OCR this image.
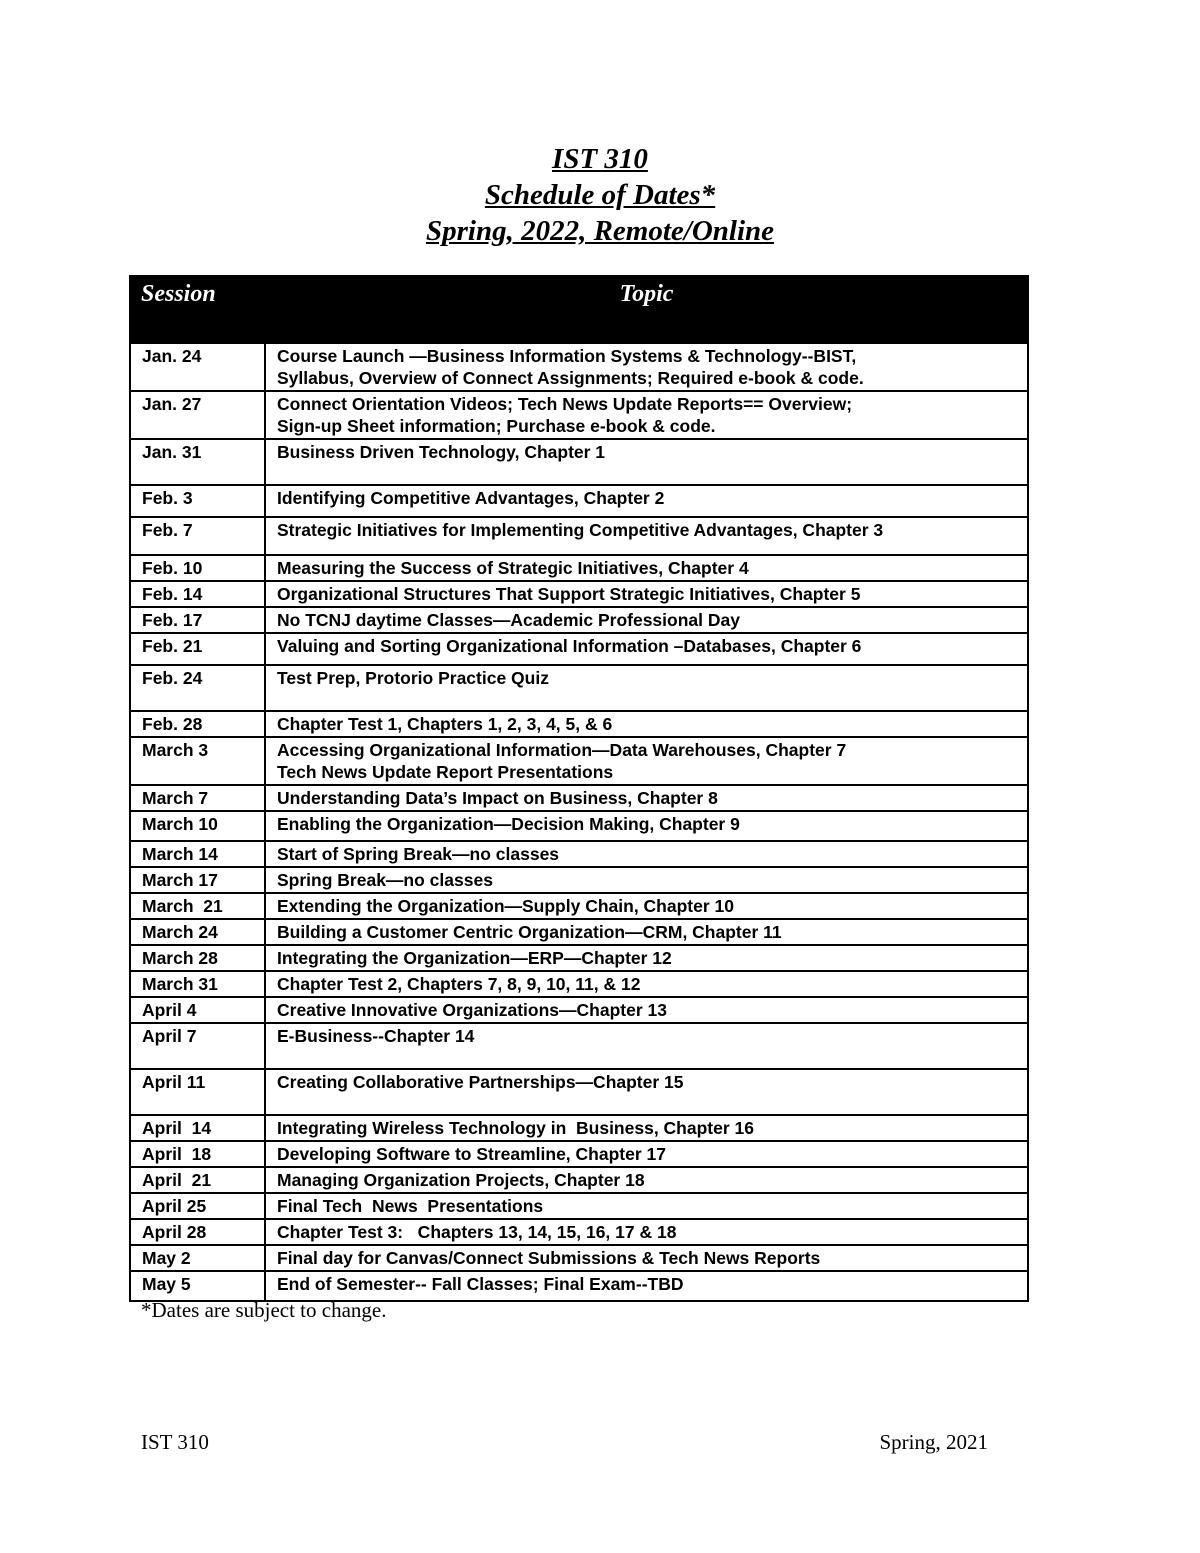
IST 310

Schedule of Dates*

Spring, 2022, Remote/Online

Session	Topic
Jan. 24	Course Launch —Business Information Systems & Technology--BIST,
Syllabus, Overview of Connect Assignments; Required e-book & code.
Jan. 27	Connect Orientation Videos; Tech News Update Reports== Overview;
Sign-up Sheet information; Purchase e-book & code.
Jan. 31	Business Driven Technology, Chapter 1
Feb. 3	Identifying Competitive Advantages, Chapter 2
Feb. 7	Strategic Initiatives for Implementing Competitive Advantages, Chapter 3
Feb. 10	Measuring the Success of Strategic Initiatives, Chapter 4
Feb. 14	Organizational Structures That Support Strategic Initiatives, Chapter 5
Feb. 17	No TCNJ daytime Classes—Academic Professional Day
Feb. 21	Valuing and Sorting Organizational Information –Databases, Chapter 6
Feb. 24	Test Prep, Protorio Practice Quiz
Feb. 28	Chapter Test 1, Chapters 1, 2, 3, 4, 5, & 6
March 3	Accessing Organizational Information—Data Warehouses, Chapter 7
Tech News Update Report Presentations
March 7	Understanding Data’s Impact on Business, Chapter 8
March 10	Enabling the Organization—Decision Making, Chapter 9
March 14	Start of Spring Break—no classes
March 17	Spring Break—no classes
March  21	Extending the Organization—Supply Chain, Chapter 10
March 24	Building a Customer Centric Organization—CRM, Chapter 11
March 28	Integrating the Organization—ERP—Chapter 12
March 31	Chapter Test 2, Chapters 7, 8, 9, 10, 11, & 12
April 4	Creative Innovative Organizations—Chapter 13
April 7	E-Business--Chapter 14
April 11	Creating Collaborative Partnerships—Chapter 15
April  14	Integrating Wireless Technology in  Business, Chapter 16
April  18	Developing Software to Streamline, Chapter 17
April  21	Managing Organization Projects, Chapter 18
April 25	Final Tech  News  Presentations
April 28	Chapter Test 3:   Chapters 13, 14, 15, 16, 17 & 18
May 2	Final day for Canvas/Connect Submissions & Tech News Reports
May 5	End of Semester-- Fall Classes; Final Exam--TBD

*Dates are subject to change.

IST 310	Spring, 2021
